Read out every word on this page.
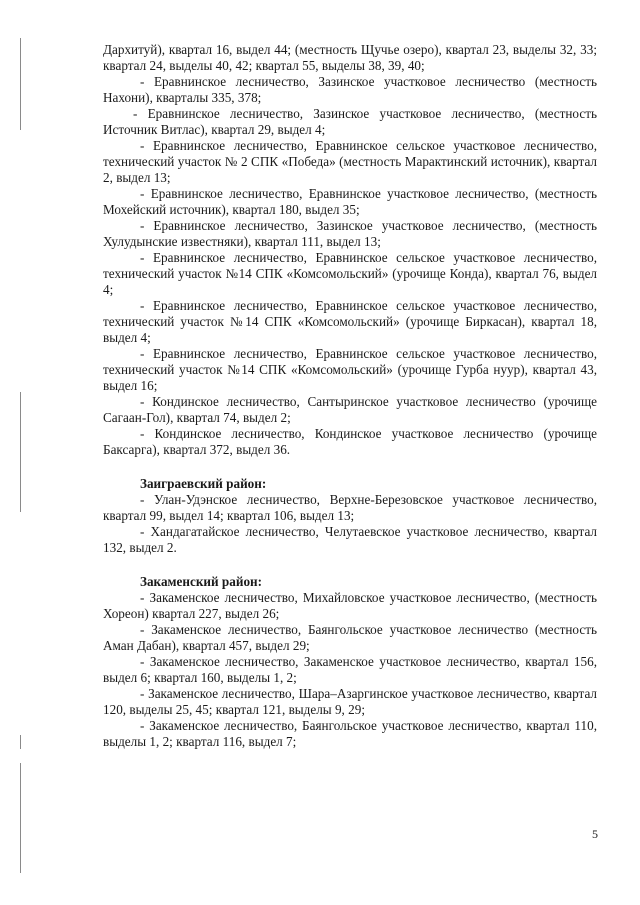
Дархитуй), квартал 16, выдел 44; (местность Щучье озеро), квартал 23, выделы 32, 33; квартал 24, выделы 40, 42; квартал 55, выделы 38, 39, 40;

- Еравнинское лесничество, Зазинское участковое лесничество (местность Нахони), кварталы 335, 378;

- Еравнинское лесничество, Зазинское участковое лесничество, (местность Источник Витлас), квартал 29, выдел 4;

- Еравнинское лесничество, Еравнинское сельское участковое лесничество, технический участок № 2 СПК «Победа» (местность Мaрактинский источник), квартал 2, выдел 13;

- Еравнинское лесничество, Еравнинское участковое лесничество, (местность Мохейский источник), квартал 180, выдел 35;

- Еравнинское лесничество, Зазинское участковое лесничество, (местность Хулудынские известняки), квартал 111, выдел 13;

- Еравнинское лесничество, Еравнинское сельское участковое лесничество, технический участок №14 СПК «Комсомольский» (урочище Конда), квартал 76, выдел 4;

- Еравнинское лесничество, Еравнинское сельское участковое лесничество, технический участок №14 СПК «Комсомольский» (урочище Биркасан), квартал 18, выдел 4;

- Еравнинское лесничество, Еравнинское сельское участковое лесничество, технический участок №14 СПК «Комсомольский» (урочище Гурба нуур), квартал 43, выдел 16;

- Кондинское лесничество, Сантыринское участковое лесничество (урочище Сагаан-Гол), квартал 74, выдел 2;

- Кондинское лесничество, Кондинское участковое лесничество (урочище Баксарга), квартал 372, выдел 36.

Заиграевский район:

- Улан-Удэнское лесничество, Верхне-Березовское участковое лесничество, квартал 99, выдел 14; квартал 106, выдел 13;

- Хандагатайское лесничество, Челутаевское участковое лесничество, квартал 132, выдел 2.

Закаменский район:

- Закаменское лесничество, Михайловское участковое лесничество, (местность Хореон) квартал 227, выдел 26;

- Закаменское лесничество, Баянгольское участковое лесничество (местность Аман Дабан), квартал 457, выдел 29;

- Закаменское лесничество, Закаменское участковое лесничество, квартал 156, выдел 6; квартал 160, выделы 1, 2;

- Закаменское лесничество, Шара–Азаргинское участковое лесничество, квартал 120, выделы 25, 45; квартал 121, выделы 9, 29;

- Закаменское лесничество, Баянгольское участковое лесничество, квартал 110, выделы 1, 2; квартал 116, выдел 7;

5
